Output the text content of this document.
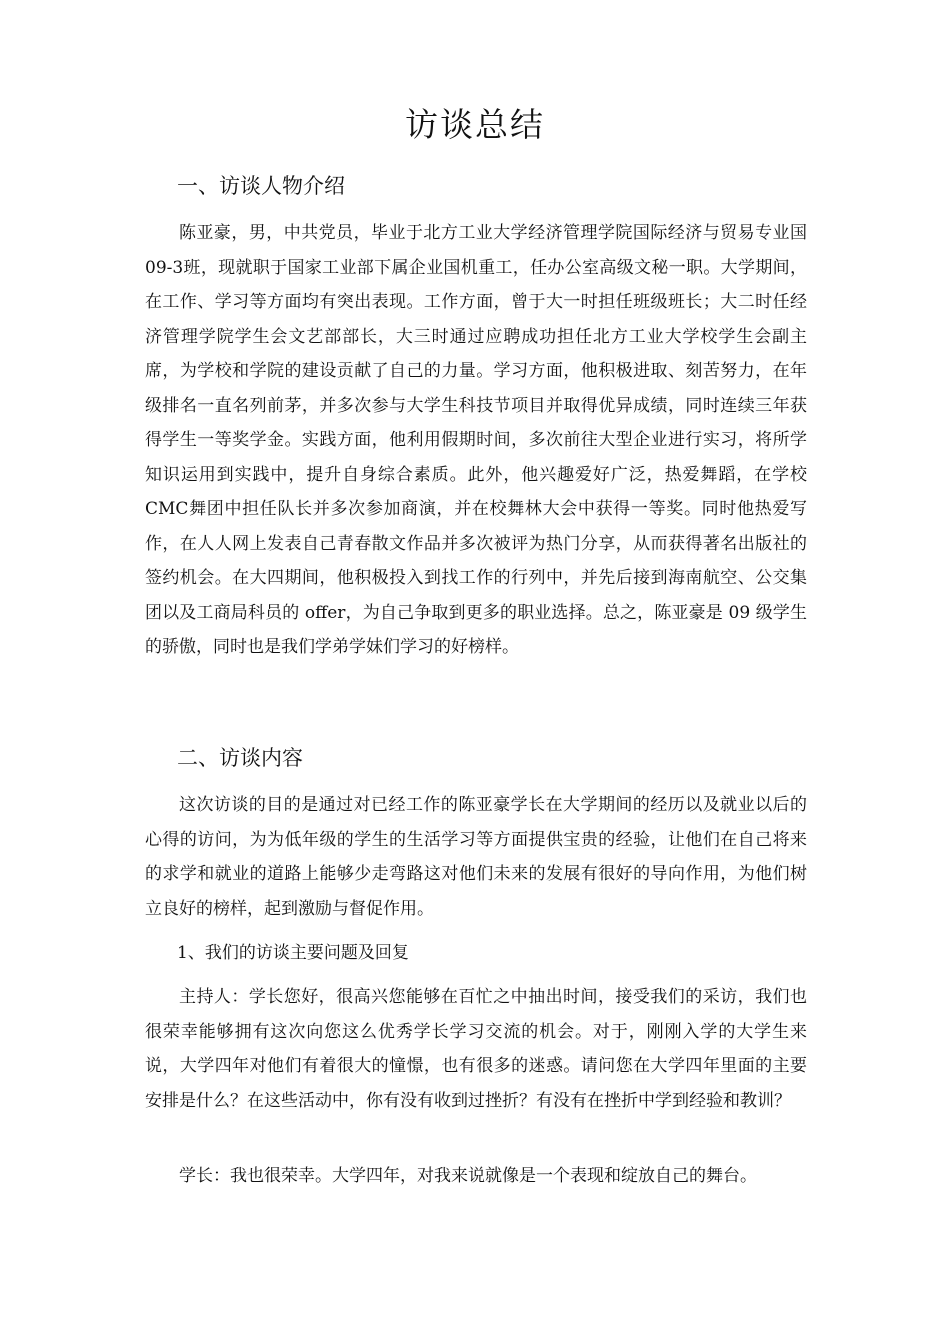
访谈总结
一、访谈人物介绍

陈亚豪，男，中共党员，毕业于北方工业大学经济管理学院国际经济与贸易专业国09-3班，现就职于国家工业部下属企业国机重工，任办公室高级文秘一职。大学期间，在工作、学习等方面均有突出表现。工作方面，曾于大一时担任班级班长；大二时任经济管理学院学生会文艺部部长，大三时通过应聘成功担任北方工业大学校学生会副主席，为学校和学院的建设贡献了自己的力量。学习方面，他积极进取、刻苦努力，在年级排名一直名列前茅，并多次参与大学生科技节项目并取得优异成绩，同时连续三年获得学生一等奖学金。实践方面，他利用假期时间，多次前往大型企业进行实习，将所学知识运用到实践中，提升自身综合素质。此外，他兴趣爱好广泛，热爱舞蹈，在学校CMC舞团中担任队长并多次参加商演，并在校舞林大会中获得一等奖。同时他热爱写作，在人人网上发表自己青春散文作品并多次被评为热门分享，从而获得著名出版社的签约机会。在大四期间，他积极投入到找工作的行列中，并先后接到海南航空、公交集团以及工商局科员的 offer，为自己争取到更多的职业选择。总之，陈亚豪是 09 级学生的骄傲，同时也是我们学弟学妹们学习的好榜样。

二、访谈内容

这次访谈的目的是通过对已经工作的陈亚豪学长在大学期间的经历以及就业以后的心得的访问，为为低年级的学生的生活学习等方面提供宝贵的经验，让他们在自己将来的求学和就业的道路上能够少走弯路这对他们未来的发展有很好的导向作用，为他们树立良好的榜样，起到激励与督促作用。

1、我们的访谈主要问题及回复

主持人：学长您好，很高兴您能够在百忙之中抽出时间，接受我们的采访，我们也很荣幸能够拥有这次向您这么优秀学长学习交流的机会。对于，刚刚入学的大学生来说，大学四年对他们有着很大的憧憬，也有很多的迷惑。请问您在大学四年里面的主要安排是什么？在这些活动中，你有没有收到过挫折？有没有在挫折中学到经验和教训？

学长：我也很荣幸。大学四年，对我来说就像是一个表现和绽放自己的舞台。
